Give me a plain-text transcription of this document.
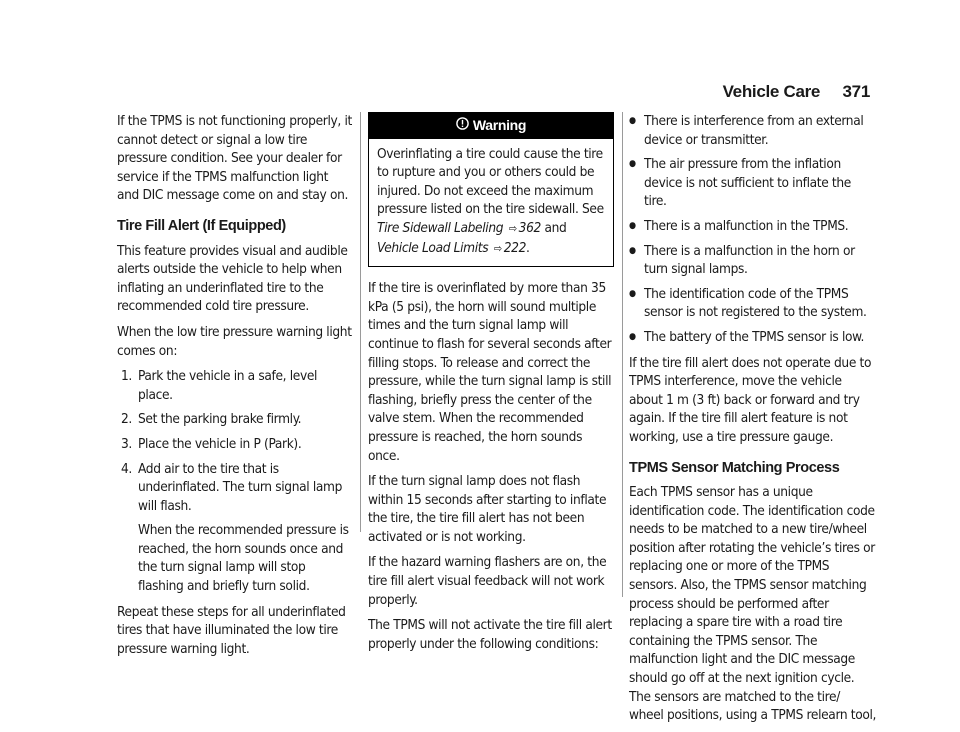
Vehicle Care 371

If the TPMS is not functioning properly, it cannot detect or signal a low tire pressure condition. See your dealer for service if the TPMS malfunction light and DIC message come on and stay on.

Tire Fill Alert (If Equipped)

This feature provides visual and audible alerts outside the vehicle to help when inflating an underinflated tire to the recommended cold tire pressure.

When the low tire pressure warning light comes on:

1. Park the vehicle in a safe, level place.
2. Set the parking brake firmly.
3. Place the vehicle in P (Park).
4. Add air to the tire that is underinflated. The turn signal lamp will flash.
When the recommended pressure is reached, the horn sounds once and the turn signal lamp will stop flashing and briefly turn solid.

Repeat these steps for all underinflated tires that have illuminated the low tire pressure warning light.

Warning
Overinflating a tire could cause the tire to rupture and you or others could be injured. Do not exceed the maximum pressure listed on the tire sidewall. See
Tire Sidewall Labeling ⇨ 362 and
Vehicle Load Limits ⇨ 222.

If the tire is overinflated by more than 35 kPa (5 psi), the horn will sound multiple times and the turn signal lamp will continue to flash for several seconds after filling stops. To release and correct the pressure, while the turn signal lamp is still flashing, briefly press the center of the valve stem. When the recommended pressure is reached, the horn sounds once.

If the turn signal lamp does not flash within 15 seconds after starting to inflate the tire, the tire fill alert has not been activated or is not working.

If the hazard warning flashers are on, the tire fill alert visual feedback will not work properly.

The TPMS will not activate the tire fill alert properly under the following conditions:

● There is interference from an external device or transmitter.
● The air pressure from the inflation device is not sufficient to inflate the tire.
● There is a malfunction in the TPMS.
● There is a malfunction in the horn or turn signal lamps.
● The identification code of the TPMS sensor is not registered to the system.
● The battery of the TPMS sensor is low.

If the tire fill alert does not operate due to TPMS interference, move the vehicle about 1 m (3 ft) back or forward and try again. If the tire fill alert feature is not working, use a tire pressure gauge.

TPMS Sensor Matching Process

Each TPMS sensor has a unique identification code. The identification code needs to be matched to a new tire/wheel position after rotating the vehicle’s tires or replacing one or more of the TPMS sensors. Also, the TPMS sensor matching process should be performed after replacing a spare tire with a road tire containing the TPMS sensor. The malfunction light and the DIC message should go off at the next ignition cycle. The sensors are matched to the tire/ wheel positions, using a TPMS relearn tool,
